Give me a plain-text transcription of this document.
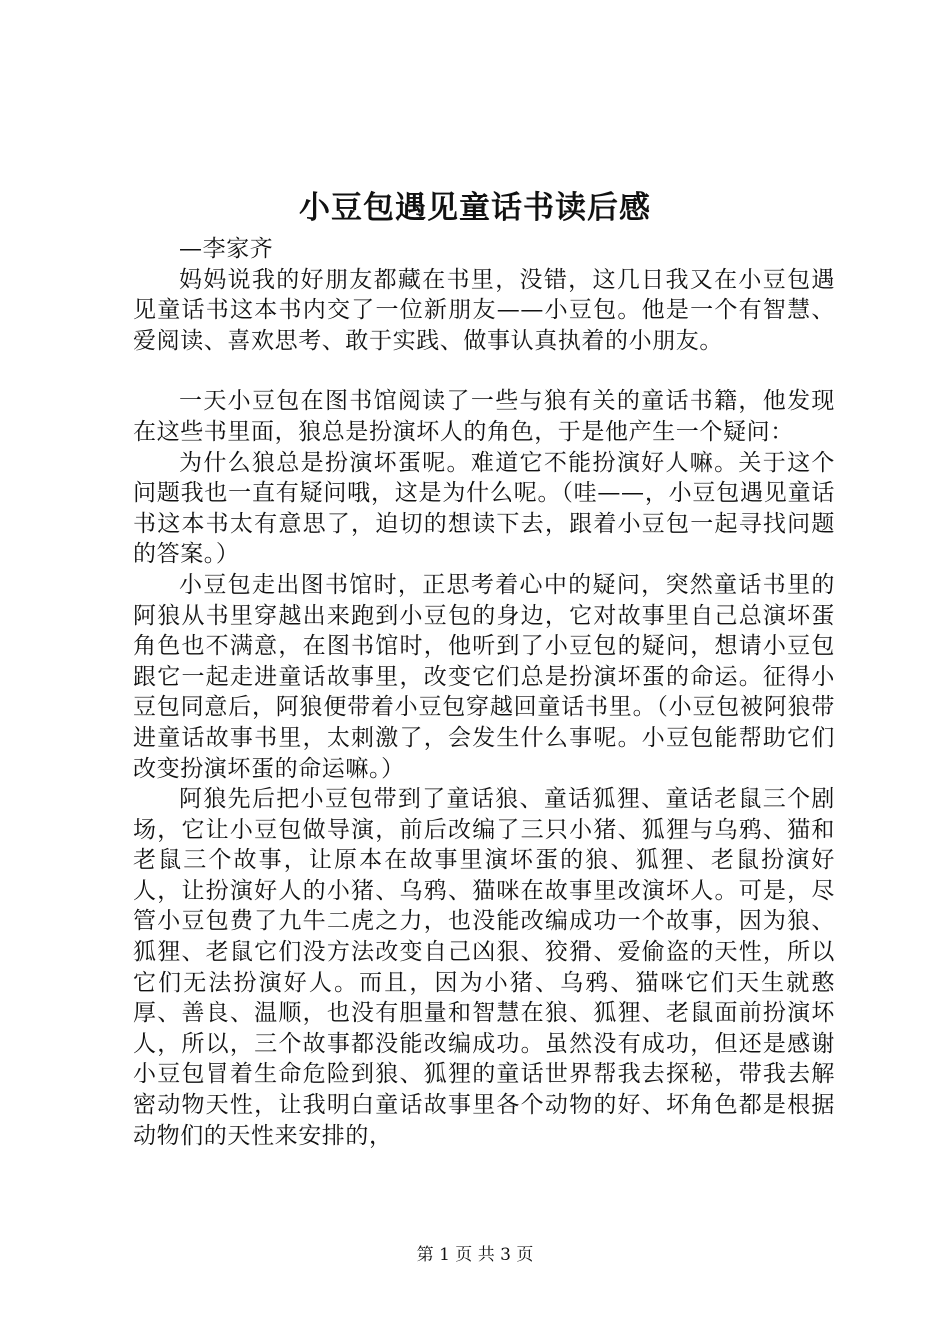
小豆包遇见童话书读后感

—李家齐

妈妈说我的好朋友都藏在书里，没错，这几日我又在小豆包遇见童话书这本书内交了一位新朋友——小豆包。他是一个有智慧、爱阅读、喜欢思考、敢于实践、做事认真执着的小朋友。

一天小豆包在图书馆阅读了一些与狼有关的童话书籍，他发现在这些书里面，狼总是扮演坏人的角色，于是他产生一个疑问：

为什么狼总是扮演坏蛋呢。难道它不能扮演好人嘛。关于这个问题我也一直有疑问哦，这是为什么呢。（哇——，小豆包遇见童话书这本书太有意思了，迫切的想读下去，跟着小豆包一起寻找问题的答案。）

小豆包走出图书馆时，正思考着心中的疑问，突然童话书里的阿狼从书里穿越出来跑到小豆包的身边，它对故事里自己总演坏蛋角色也不满意，在图书馆时，他听到了小豆包的疑问，想请小豆包跟它一起走进童话故事里，改变它们总是扮演坏蛋的命运。征得小豆包同意后，阿狼便带着小豆包穿越回童话书里。（小豆包被阿狼带进童话故事书里，太刺激了，会发生什么事呢。小豆包能帮助它们改变扮演坏蛋的命运嘛。）

阿狼先后把小豆包带到了童话狼、童话狐狸、童话老鼠三个剧场，它让小豆包做导演，前后改编了三只小猪、狐狸与乌鸦、猫和老鼠三个故事，让原本在故事里演坏蛋的狼、狐狸、老鼠扮演好人，让扮演好人的小猪、乌鸦、猫咪在故事里改演坏人。可是，尽管小豆包费了九牛二虎之力，也没能改编成功一个故事，因为狼、狐狸、老鼠它们没方法改变自己凶狠、狡猾、爱偷盗的天性，所以它们无法扮演好人。而且，因为小猪、乌鸦、猫咪它们天生就憨厚、善良、温顺，也没有胆量和智慧在狼、狐狸、老鼠面前扮演坏人，所以，三个故事都没能改编成功。虽然没有成功，但还是感谢小豆包冒着生命危险到狼、狐狸的童话世界帮我去探秘，带我去解密动物天性，让我明白童话故事里各个动物的好、坏角色都是根据动物们的天性来安排的，

第 1 页 共 3 页
